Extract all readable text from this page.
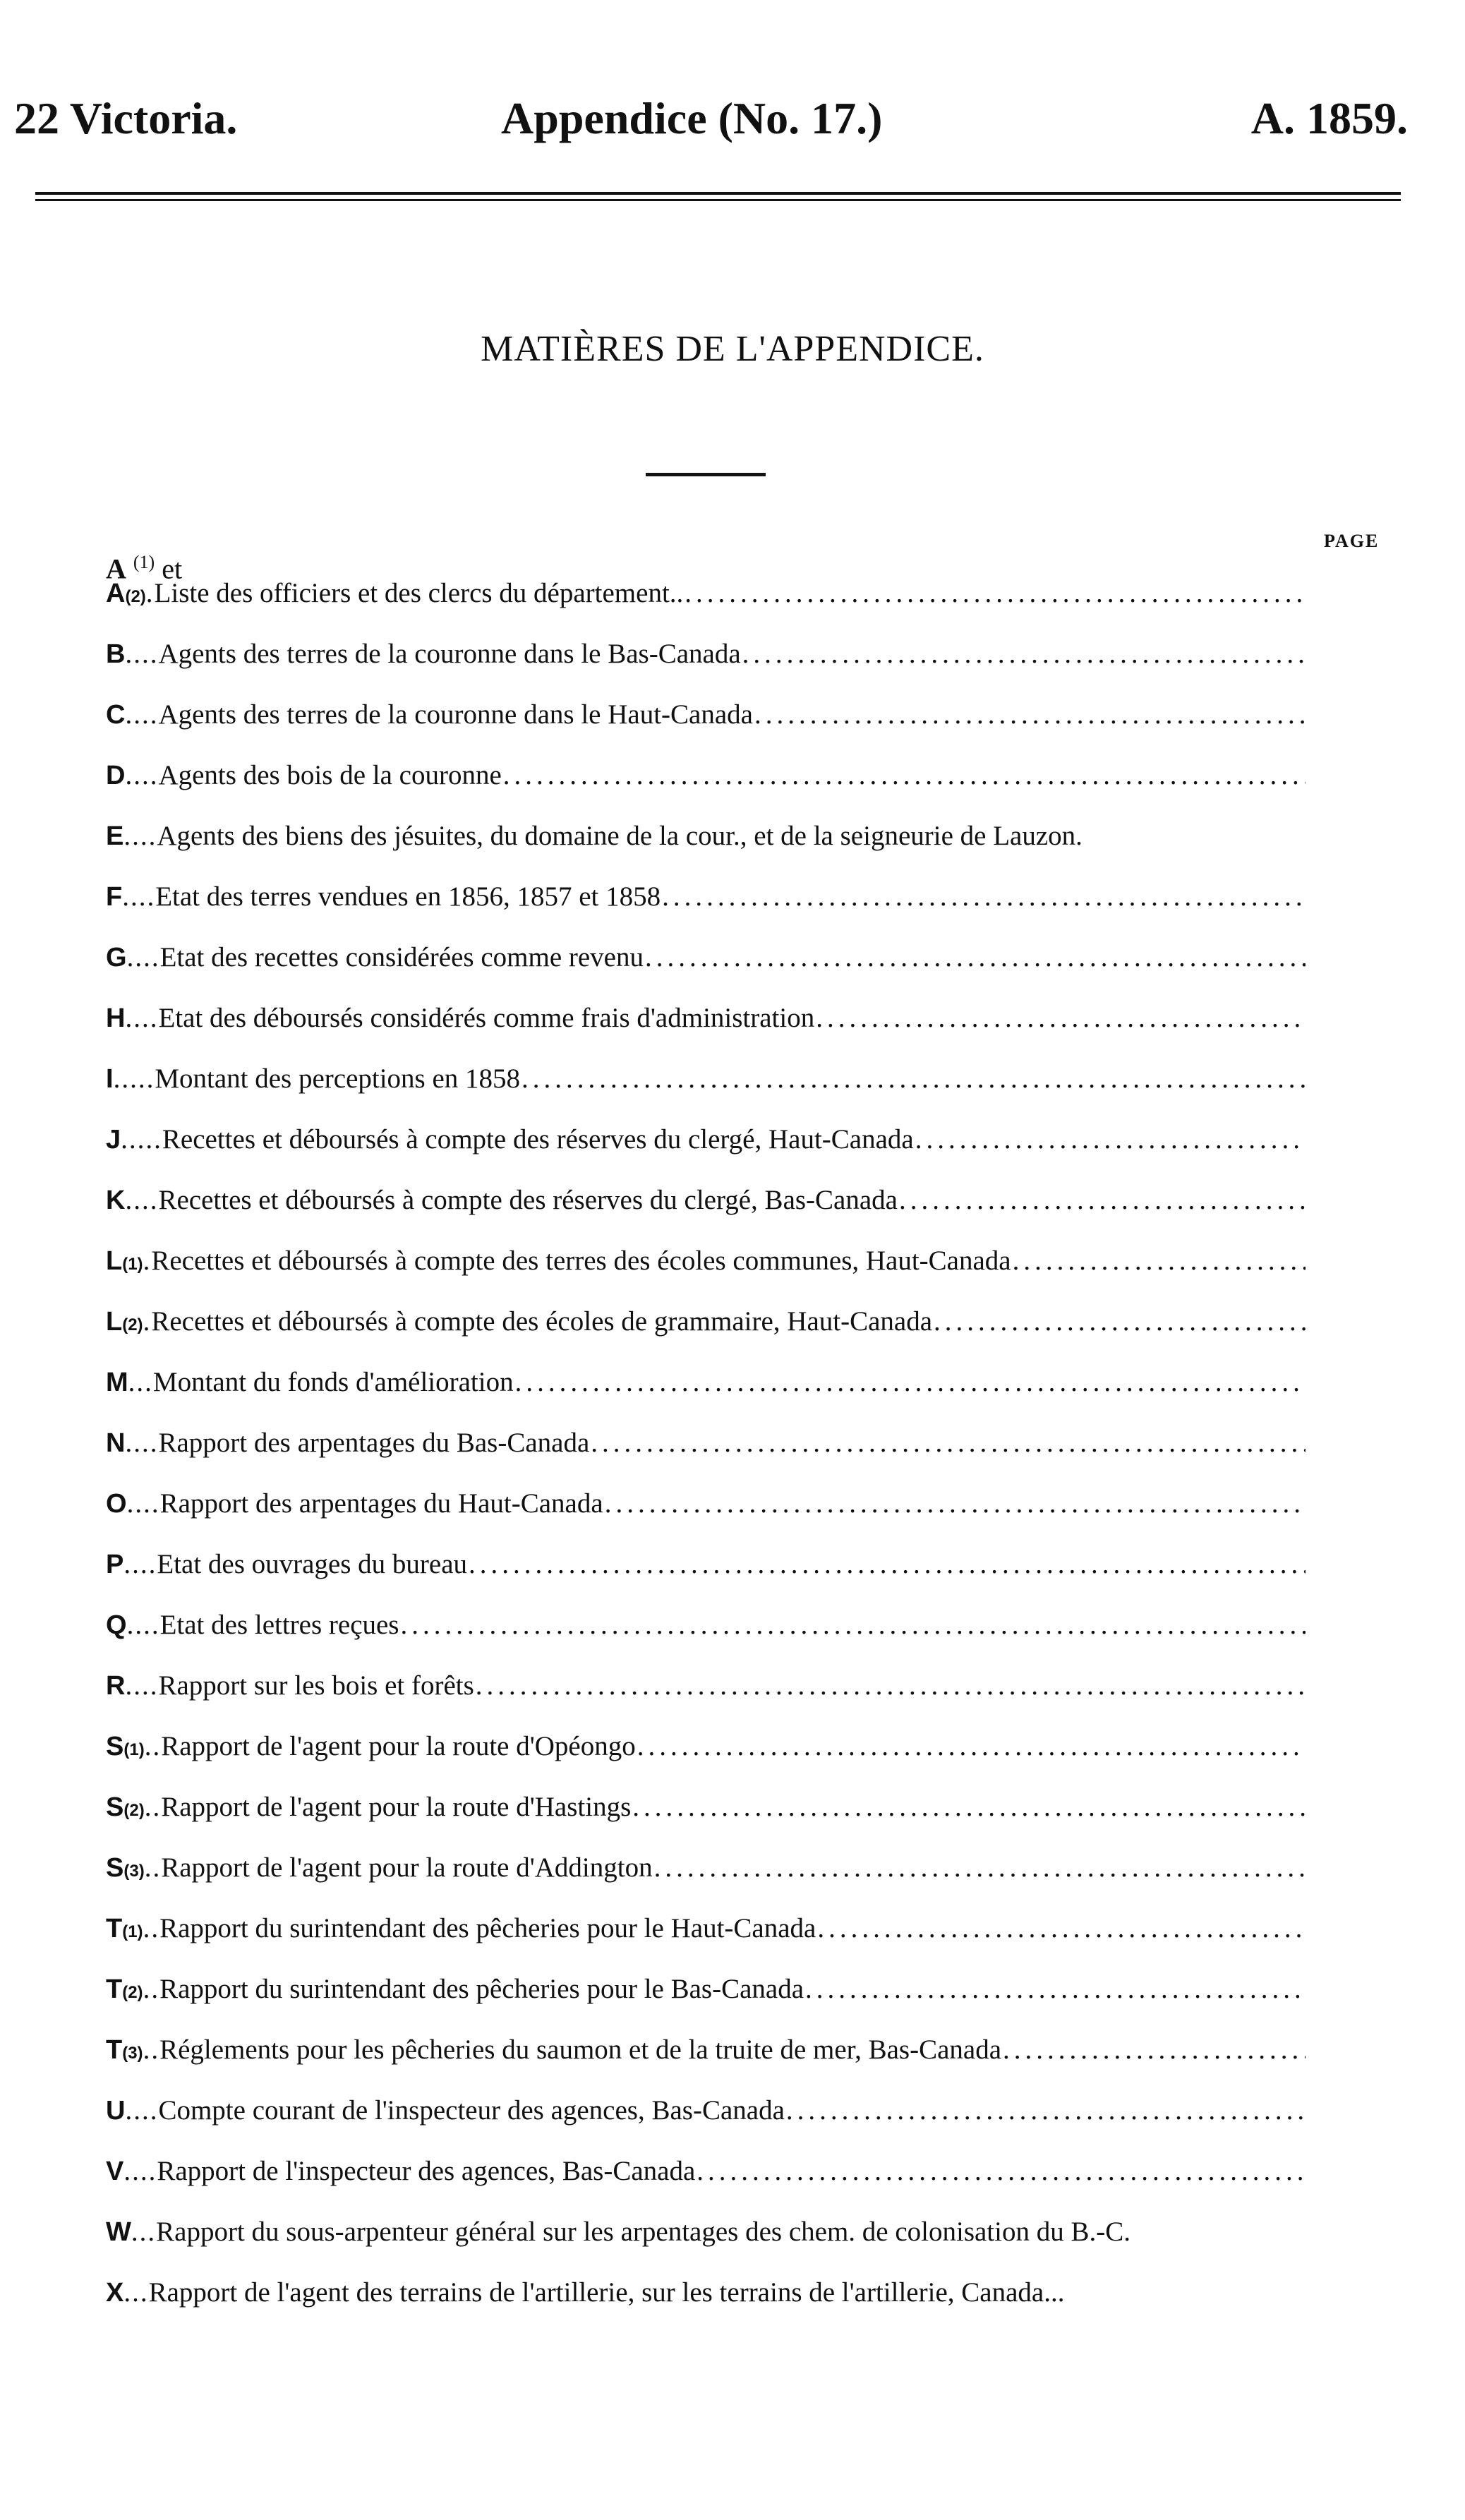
22 Victoria.	Appendice (No. 17.)	A. 1859.
MATIÈRES DE L'APPENDICE.
PAGE
A $^{(1)}$ et
A (2) . Liste des officiers et des clercs du département..
.....
B .... Agents des terres de la couronne dans le Bas-Canada
.....
C .... Agents des terres de la couronne dans le Haut-Canada
.....
D .... Agents des bois de la couronne
.....
E .... Agents des biens des jésuites, du domaine de la cour., et de la seigneurie de Lauzon.
F .... Etat des terres vendues en 1856, 1857 et 1858
.....
G .... Etat des recettes considérées comme revenu
.....
H .... Etat des déboursés considérés comme frais d'administration
.....
I ..... Montant des perceptions en 1858
.....
J ..... Recettes et déboursés à compte des réserves du clergé, Haut-Canada
.....
K .... Recettes et déboursés à compte des réserves du clergé, Bas-Canada
.....
L (1) . Recettes et déboursés à compte des terres des écoles communes, Haut-Canada
.....
L (2) . Recettes et déboursés à compte des écoles de grammaire, Haut-Canada
.....
M ... Montant du fonds d'amélioration
.....
N .... Rapport des arpentages du Bas-Canada
.....
O .... Rapport des arpentages du Haut-Canada
.....
P .... Etat des ouvrages du bureau
.....
Q .... Etat des lettres reçues
.....
R .... Rapport sur les bois et forêts
.....
S (1) .. Rapport de l'agent pour la route d'Opéongo
.....
S (2) .. Rapport de l'agent pour la route d'Hastings
.....
S (3) .. Rapport de l'agent pour la route d'Addington
.....
T (1) .. Rapport du surintendant des pêcheries pour le Haut-Canada
.....
T (2) .. Rapport du surintendant des pêcheries pour le Bas-Canada
.....
T (3) .. Réglements pour les pêcheries du saumon et de la truite de mer, Bas-Canada
.....
U .... Compte courant de l'inspecteur des agences, Bas-Canada
.....
V .... Rapport de l'inspecteur des agences, Bas-Canada
.....
W ... Rapport du sous-arpenteur général sur les arpentages des chem. de colonisation du B.-C.
X ... Rapport de l'agent des terrains de l'artillerie, sur les terrains de l'artillerie, Canada...
